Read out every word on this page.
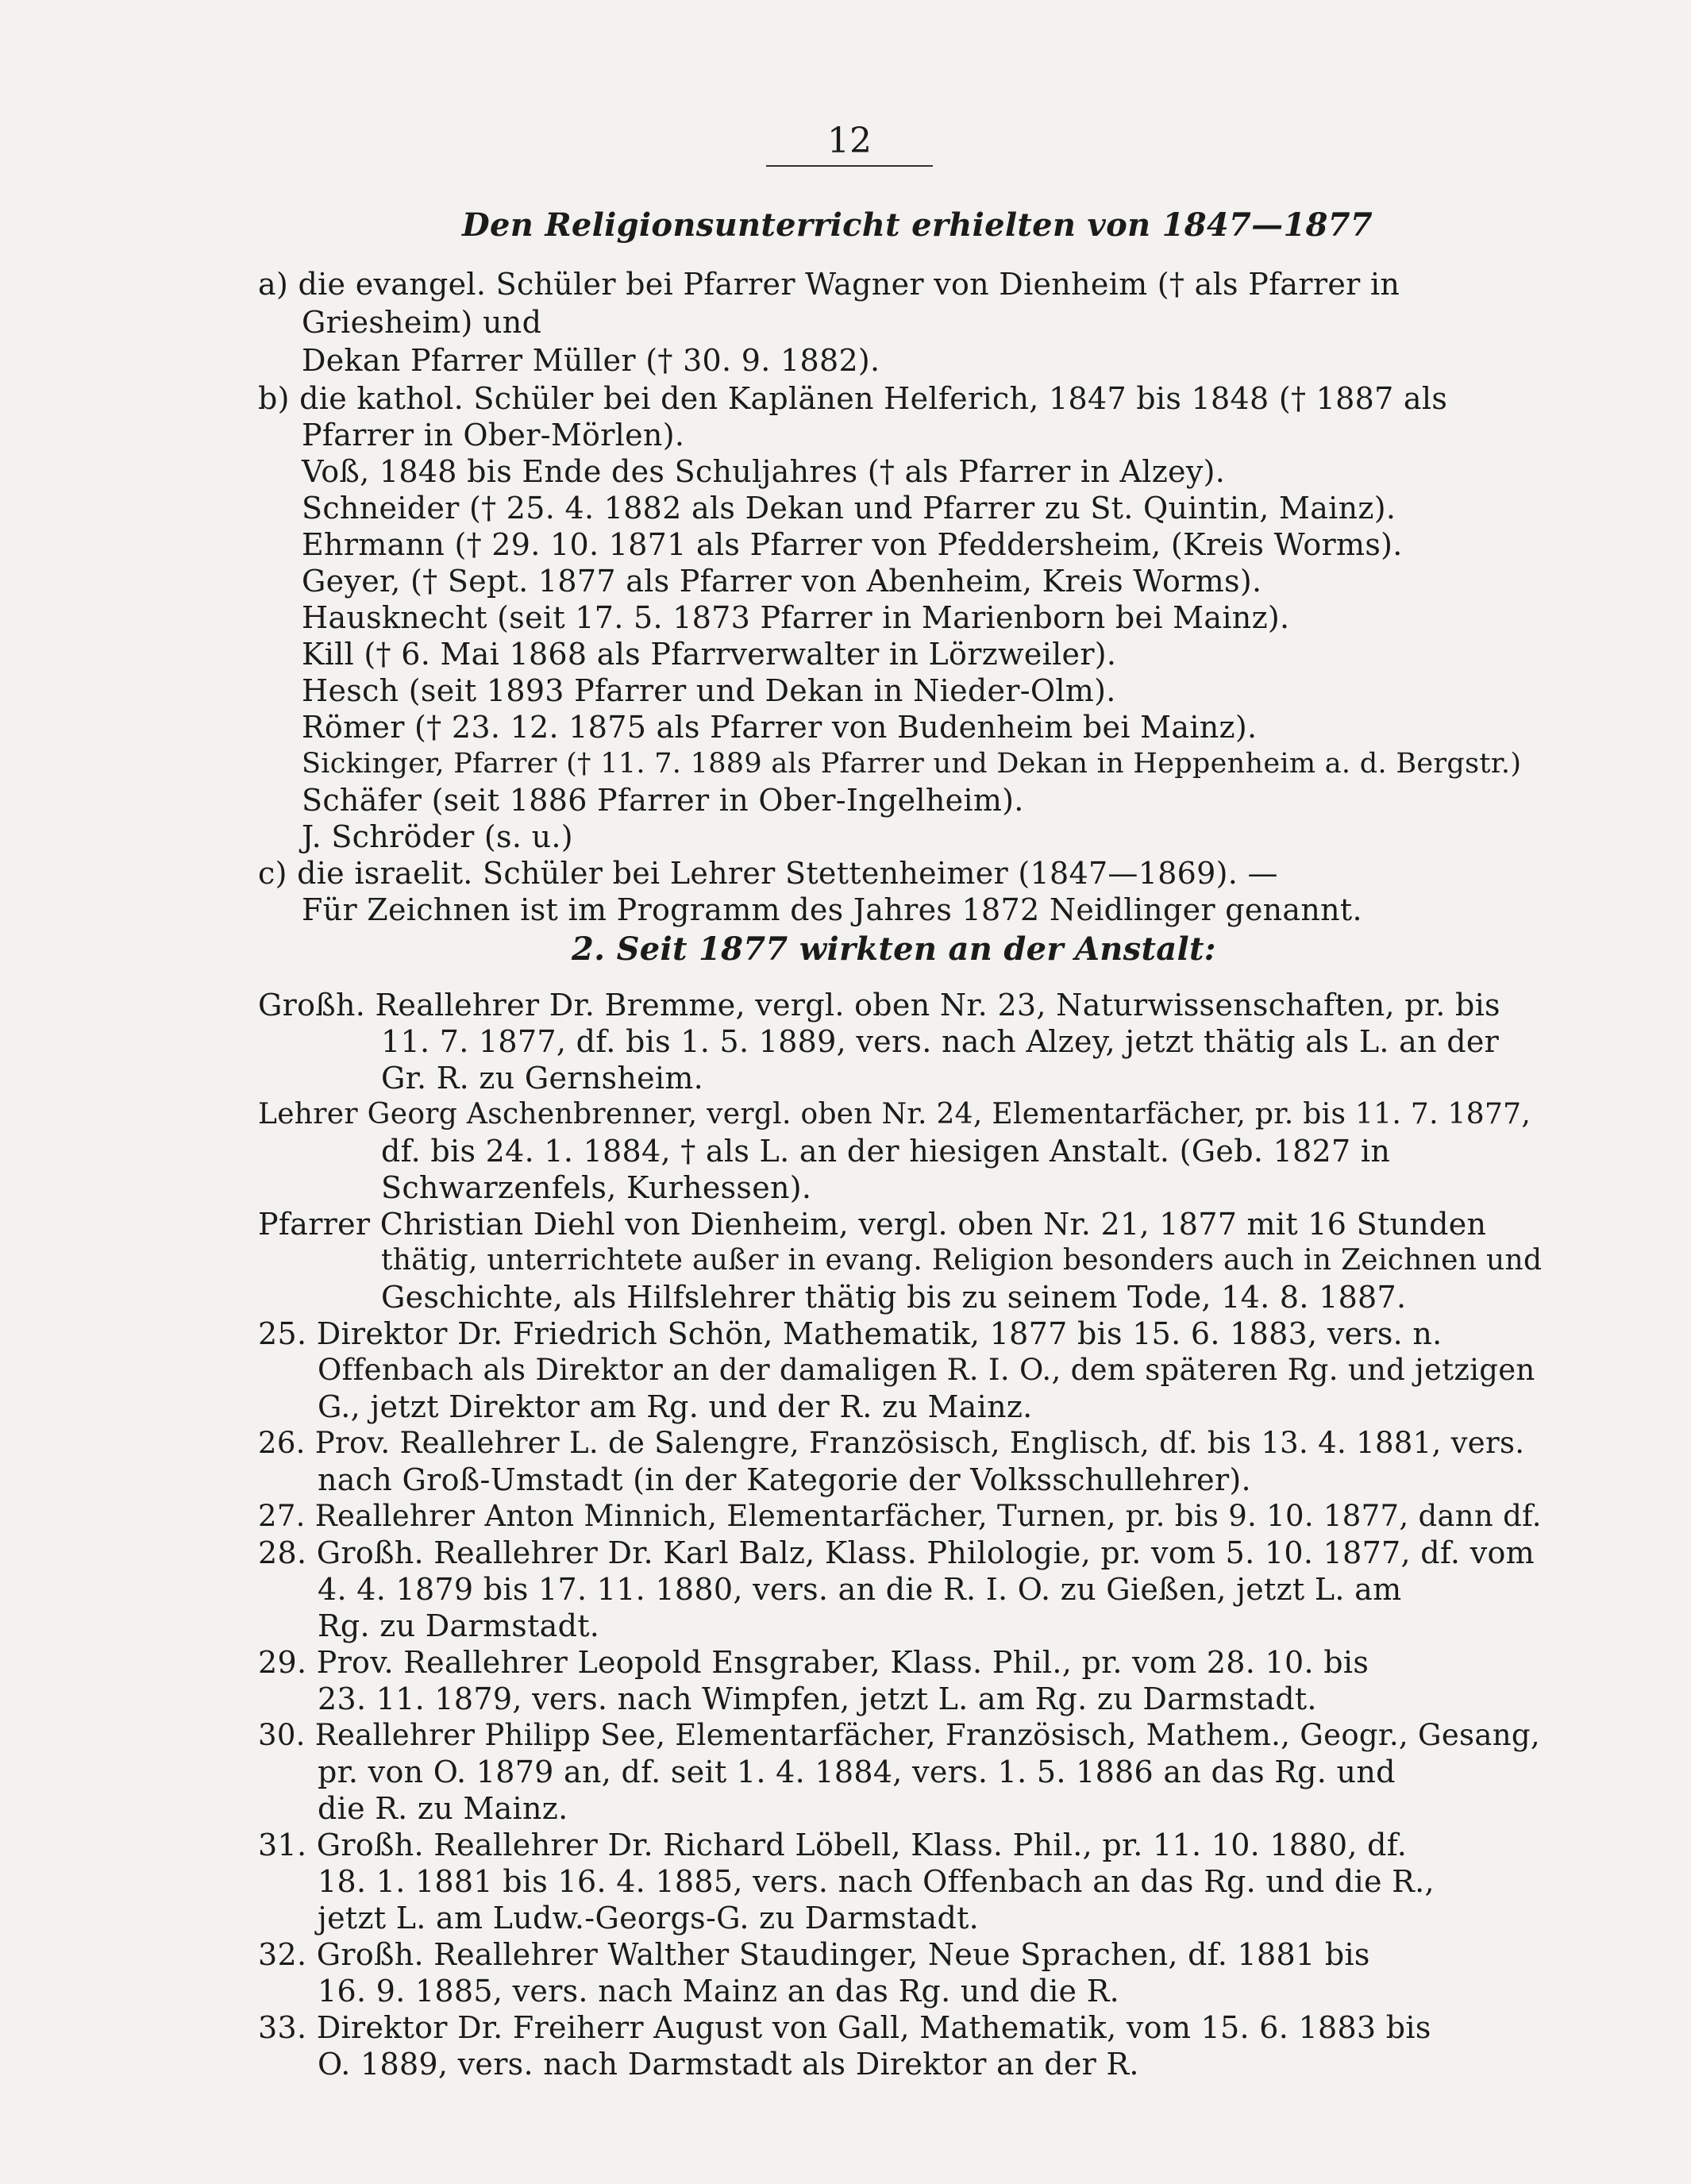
12
Den Religionsunterricht erhielten von 1847—1877
a) die evangel. Schüler bei Pfarrer Wagner von Dienheim († als Pfarrer in
Griesheim) und
Dekan Pfarrer Müller († 30. 9. 1882).
b) die kathol. Schüler bei den Kaplänen Helferich, 1847 bis 1848 († 1887 als
Pfarrer in Ober-Mörlen).
Voß, 1848 bis Ende des Schuljahres († als Pfarrer in Alzey).
Schneider († 25. 4. 1882 als Dekan und Pfarrer zu St. Quintin, Mainz).
Ehrmann († 29. 10. 1871 als Pfarrer von Pfeddersheim, (Kreis Worms).
Geyer, († Sept. 1877 als Pfarrer von Abenheim, Kreis Worms).
Hausknecht (seit 17. 5. 1873 Pfarrer in Marienborn bei Mainz).
Kill († 6. Mai 1868 als Pfarrverwalter in Lörzweiler).
Hesch (seit 1893 Pfarrer und Dekan in Nieder-Olm).
Römer († 23. 12. 1875 als Pfarrer von Budenheim bei Mainz).
Sickinger, Pfarrer († 11. 7. 1889 als Pfarrer und Dekan in Heppenheim a. d. Bergstr.)
Schäfer (seit 1886 Pfarrer in Ober-Ingelheim).
J. Schröder (s. u.)
c) die israelit. Schüler bei Lehrer Stettenheimer (1847—1869). —
Für Zeichnen ist im Programm des Jahres 1872 Neidlinger genannt.
2. Seit 1877 wirkten an der Anstalt:
Großh. Reallehrer Dr. Bremme, vergl. oben Nr. 23, Naturwissenschaften, pr. bis
11. 7. 1877, df. bis 1. 5. 1889, vers. nach Alzey, jetzt thätig als L. an der
Gr. R. zu Gernsheim.
Lehrer Georg Aschenbrenner, vergl. oben Nr. 24, Elementarfächer, pr. bis 11. 7. 1877,
df. bis 24. 1. 1884, † als L. an der hiesigen Anstalt. (Geb. 1827 in
Schwarzenfels, Kurhessen).
Pfarrer Christian Diehl von Dienheim, vergl. oben Nr. 21, 1877 mit 16 Stunden
thätig, unterrichtete außer in evang. Religion besonders auch in Zeichnen und
Geschichte, als Hilfslehrer thätig bis zu seinem Tode, 14. 8. 1887.
25. Direktor Dr. Friedrich Schön, Mathematik, 1877 bis 15. 6. 1883, vers. n.
Offenbach als Direktor an der damaligen R. I. O., dem späteren Rg. und jetzigen
G., jetzt Direktor am Rg. und der R. zu Mainz.
26. Prov. Reallehrer L. de Salengre, Französisch, Englisch, df. bis 13. 4. 1881, vers.
nach Groß-Umstadt (in der Kategorie der Volksschullehrer).
27. Reallehrer Anton Minnich, Elementarfächer, Turnen, pr. bis 9. 10. 1877, dann df.
28. Großh. Reallehrer Dr. Karl Balz, Klass. Philologie, pr. vom 5. 10. 1877, df. vom
4. 4. 1879 bis 17. 11. 1880, vers. an die R. I. O. zu Gießen, jetzt L. am
Rg. zu Darmstadt.
29. Prov. Reallehrer Leopold Ensgraber, Klass. Phil., pr. vom 28. 10. bis
23. 11. 1879, vers. nach Wimpfen, jetzt L. am Rg. zu Darmstadt.
30. Reallehrer Philipp See, Elementarfächer, Französisch, Mathem., Geogr., Gesang,
pr. von O. 1879 an, df. seit 1. 4. 1884, vers. 1. 5. 1886 an das Rg. und
die R. zu Mainz.
31. Großh. Reallehrer Dr. Richard Löbell, Klass. Phil., pr. 11. 10. 1880, df.
18. 1. 1881 bis 16. 4. 1885, vers. nach Offenbach an das Rg. und die R.,
jetzt L. am Ludw.-Georgs-G. zu Darmstadt.
32. Großh. Reallehrer Walther Staudinger, Neue Sprachen, df. 1881 bis
16. 9. 1885, vers. nach Mainz an das Rg. und die R.
33. Direktor Dr. Freiherr August von Gall, Mathematik, vom 15. 6. 1883 bis
O. 1889, vers. nach Darmstadt als Direktor an der R.
